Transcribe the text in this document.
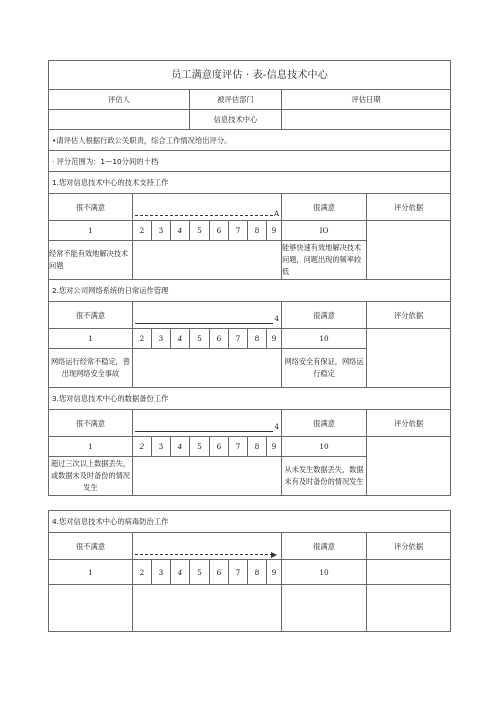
员工满意度评估 · 表-信息技术中心										
评估人				被评估部门					评估日期	
				信息技术中心						
•请评估人根据行政公关职责，综合工作情况给出评分。										
· 评分范围为：1—10分间的十档										
1.您对信息技术中心的技术支持工作										
很不满意	A								很满意	评分依据
1	2	3	4	5	6	7	8	9	IO	
经常不能有效地解决技术问题									能够快速有效地解决技术问题，问题出现的频率较低	
2.您对公司网络系统的日常运作管理										
很不满意	4								很满意	评分依据
1	2	3	4	5	6	7	8	9	10	
网络运行经常不稳定，曾出现网络安全事故									网络安全有保证，网络运行稳定	
3.您对信息技术中心的数据备份工作										
很不满意	4								很满意	评分依据
1	2	3	4	5	6	7	8	9	10	
超过三次以上数据丢失，或数据未及时备份的情况发生									从未发生数据丢失，数据未有及时备份的情况发生	

4.您对信息技术中心的病毒防治工作										
很不满意									很满意	评分依据
1	2	3	4	5	6	7	8	9	10	
